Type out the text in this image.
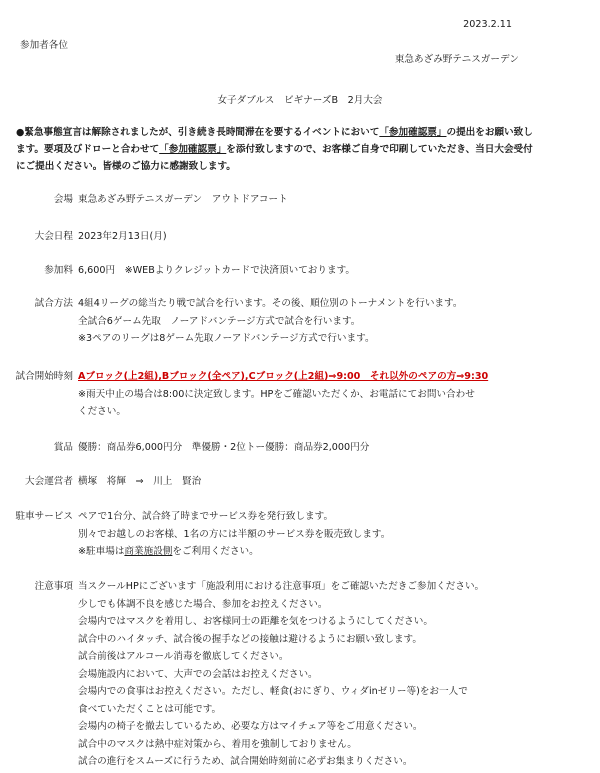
2023.2.11
参加者各位
東急あざみ野テニスガーデン
女子ダブルス　ビギナーズB　2月大会
●緊急事態宣言は解除されましたが、引き続き長時間滞在を要するイベントにおいて「参加確認票」の提出をお願い致します。要項及びドローと合わせて「参加確認票」を添付致しますので、お客様ご自身で印刷していただき、当日大会受付にご提出ください。皆様のご協力に感謝致します。
会場 東急あざみ野テニスガーデン　アウトドアコート
大会日程 2023年2月13日(月)
参加料 6,600円　※WEBよりクレジットカードで決済頂いております。
試合方法 4組4リーグの総当たり戦で試合を行います。その後、順位別のトーナメントを行います。
全試合6ゲーム先取　ノーアドバンテージ方式で試合を行います。
※3ペアのリーグは8ゲーム先取ノーアドバンテージ方式で行います。
試合開始時刻 Aブロック(上2組),Bブロック(全ペア),Cブロック(上2組)⇒9:00　それ以外のペアの方⇒9:30
※雨天中止の場合は8:00に決定致します。HPをご確認いただくか、お電話にてお問い合わせ
ください。
賞品 優勝：商品券6,000円分　準優勝・2位トー優勝：商品券2,000円分
大会運営者 横塚　将輝　⇒　川上　賢治
駐車サービス ペアで1台分、試合終了時までサービス券を発行致します。
別々でお越しのお客様、1名の方には半額のサービス券を販売致します。
※駐車場は商業施設側をご利用ください。
注意事項 当スクールHPにございます「施設利用における注意事項」をご確認いただきご参加ください。
少しでも体調不良を感じた場合、参加をお控えください。
会場内ではマスクを着用し、お客様同士の距離を気をつけるようにしてください。
試合中のハイタッチ、試合後の握手などの接触は避けるようにお願い致します。
試合前後はアルコール消毒を徹底してください。
会場施設内において、大声での会話はお控えください。
会場内での食事はお控えください。ただし、軽食(おにぎり、ウィダinゼリー等)をお一人で
食べていただくことは可能です。
会場内の椅子を撤去しているため、必要な方はマイチェア等をご用意ください。
試合中のマスクは熱中症対策から、着用を強制しておりません。
試合の進行をスムーズに行うため、試合開始時刻前に必ずお集まりください。
